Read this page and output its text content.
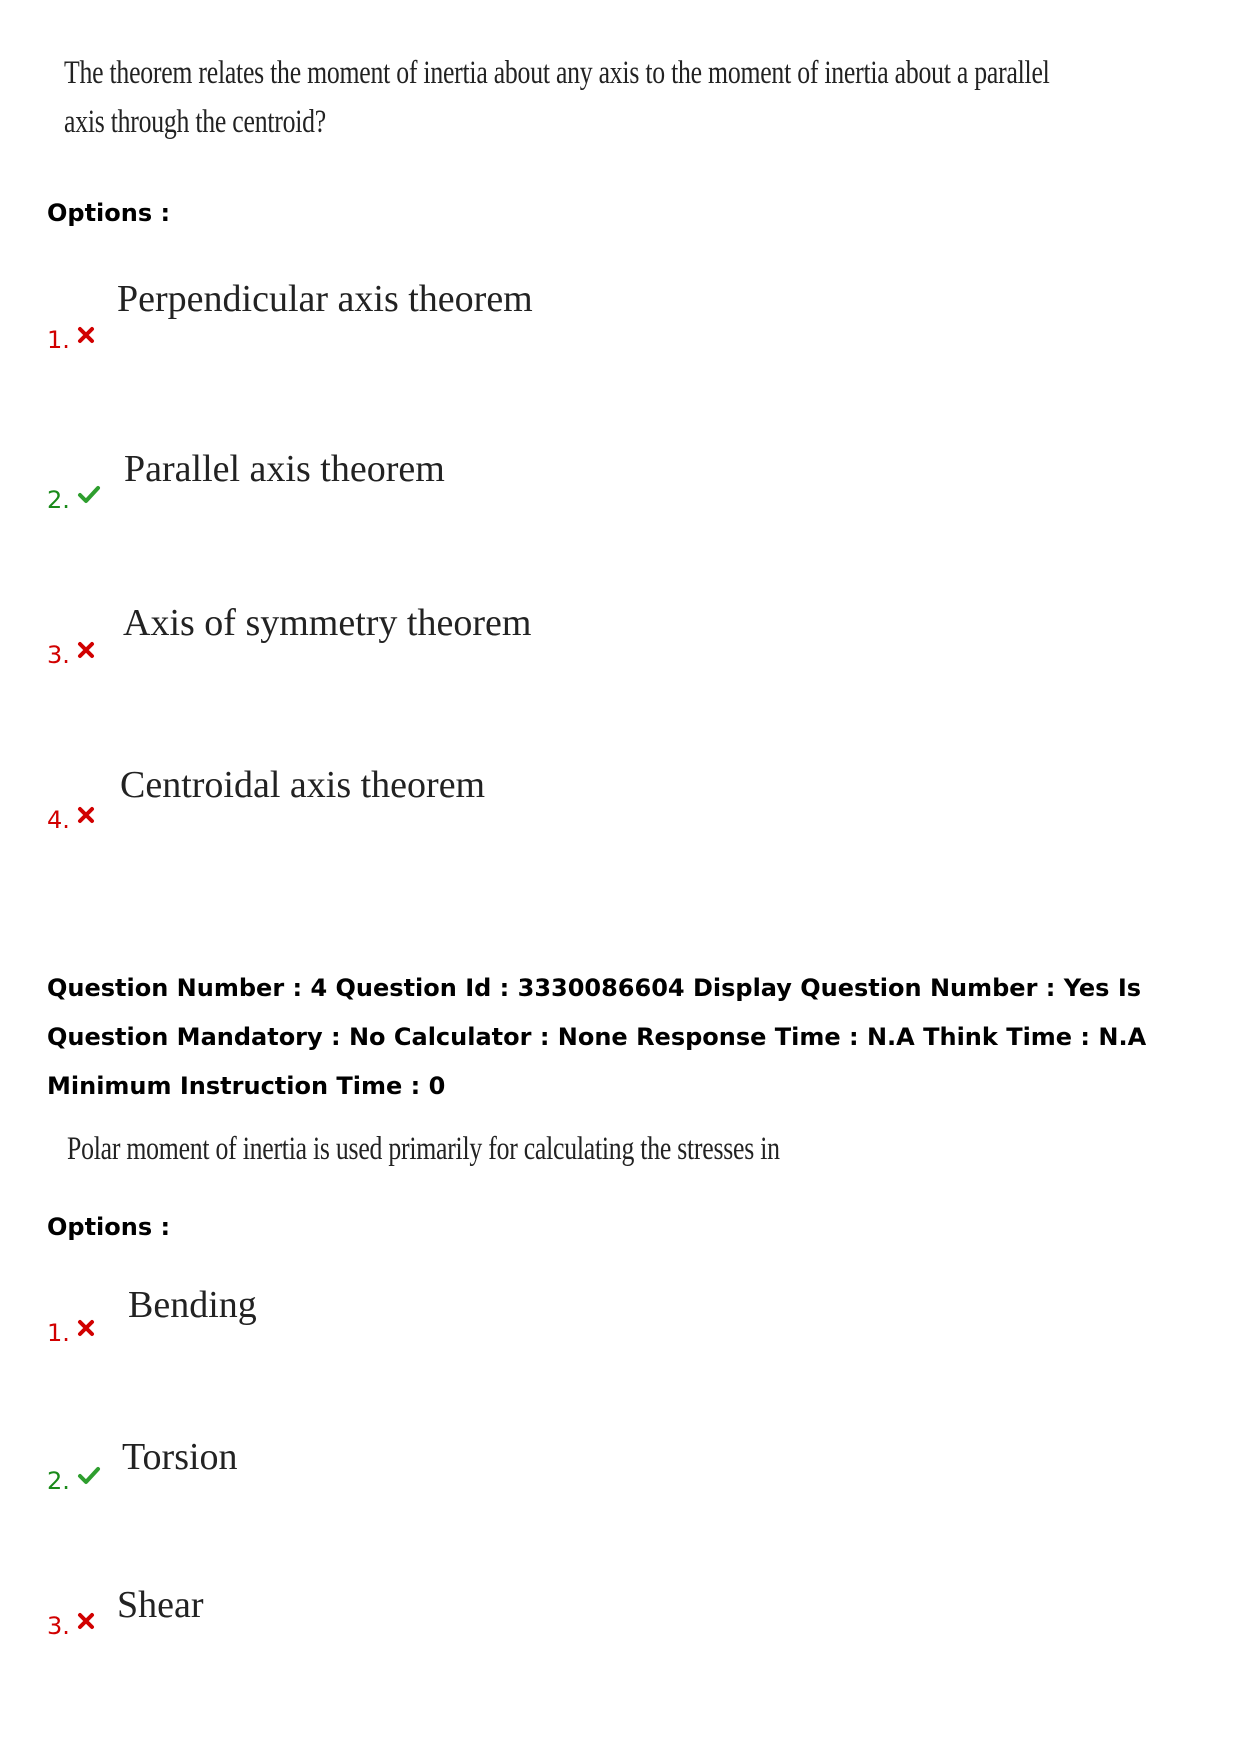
The theorem relates the moment of inertia about any axis to the moment of inertia about a parallel
axis through the centroid?
Options :
Perpendicular axis theorem
1.
Parallel axis theorem
2.
Axis of symmetry theorem
3.
Centroidal axis theorem
4.
Question Number : 4 Question Id : 3330086604 Display Question Number : Yes Is Question Mandatory : No Calculator : None Response Time : N.A Think Time : N.A Minimum Instruction Time : 0
Polar moment of inertia is used primarily for calculating the stresses in
Options :
Bending
1.
Torsion
2.
Shear
3.
